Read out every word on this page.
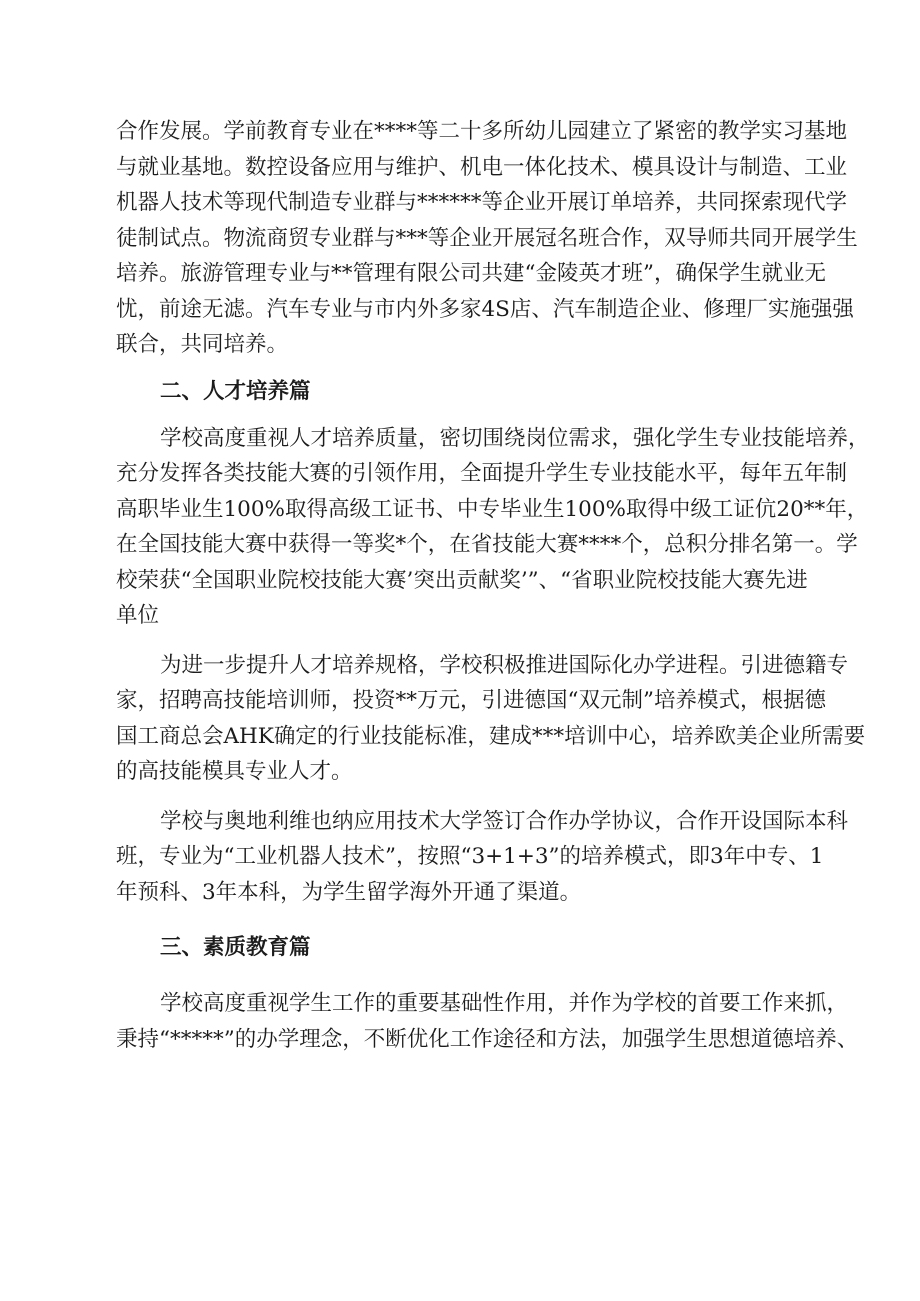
合作发展。学前教育专业在****等二十多所幼儿园建立了紧密的教学实习基地
与就业基地。数控设备应用与维护、机电一体化技术、模具设计与制造、工业
机器人技术等现代制造专业群与******等企业开展订单培养，共同探索现代学
徒制试点。物流商贸专业群与***等企业开展冠名班合作，双导师共同开展学生
培养。旅游管理专业与**管理有限公司共建“金陵英才班”，确保学生就业无
忧，前途无滤。汽车专业与市内外多家4S店、汽车制造企业、修理厂实施强强
联合，共同培养。
二、人才培养篇
学校高度重视人才培养质量，密切围绕岗位需求，强化学生专业技能培养，
充分发挥各类技能大赛的引领作用，全面提升学生专业技能水平，每年五年制
高职毕业生100%取得高级工证书、中专毕业生100%取得中级工证伉20**年，
在全国技能大赛中获得一等奖*个，在省技能大赛****个，总积分排名第一。学
校荣获“全国职业院校技能大赛’突出贡献奖’”、“省职业院校技能大赛先进
单位
为进一步提升人才培养规格，学校积极推进国际化办学进程。引进德籍专
家，招聘高技能培训师，投资**万元，引进德国“双元制”培养模式，根据德
国工商总会AHK确定的行业技能标准，建成***培训中心，培养欧美企业所需要
的高技能模具专业人才。
学校与奥地利维也纳应用技术大学签订合作办学协议，合作开设国际本科
班，专业为“工业机器人技术”，按照“3+1+3”的培养模式，即3年中专、1
年预科、3年本科，为学生留学海外开通了渠道。
三、素质教育篇
学校高度重视学生工作的重要基础性作用，并作为学校的首要工作来抓，
秉持“*****”的办学理念，不断优化工作途径和方法，加强学生思想道德培养、
